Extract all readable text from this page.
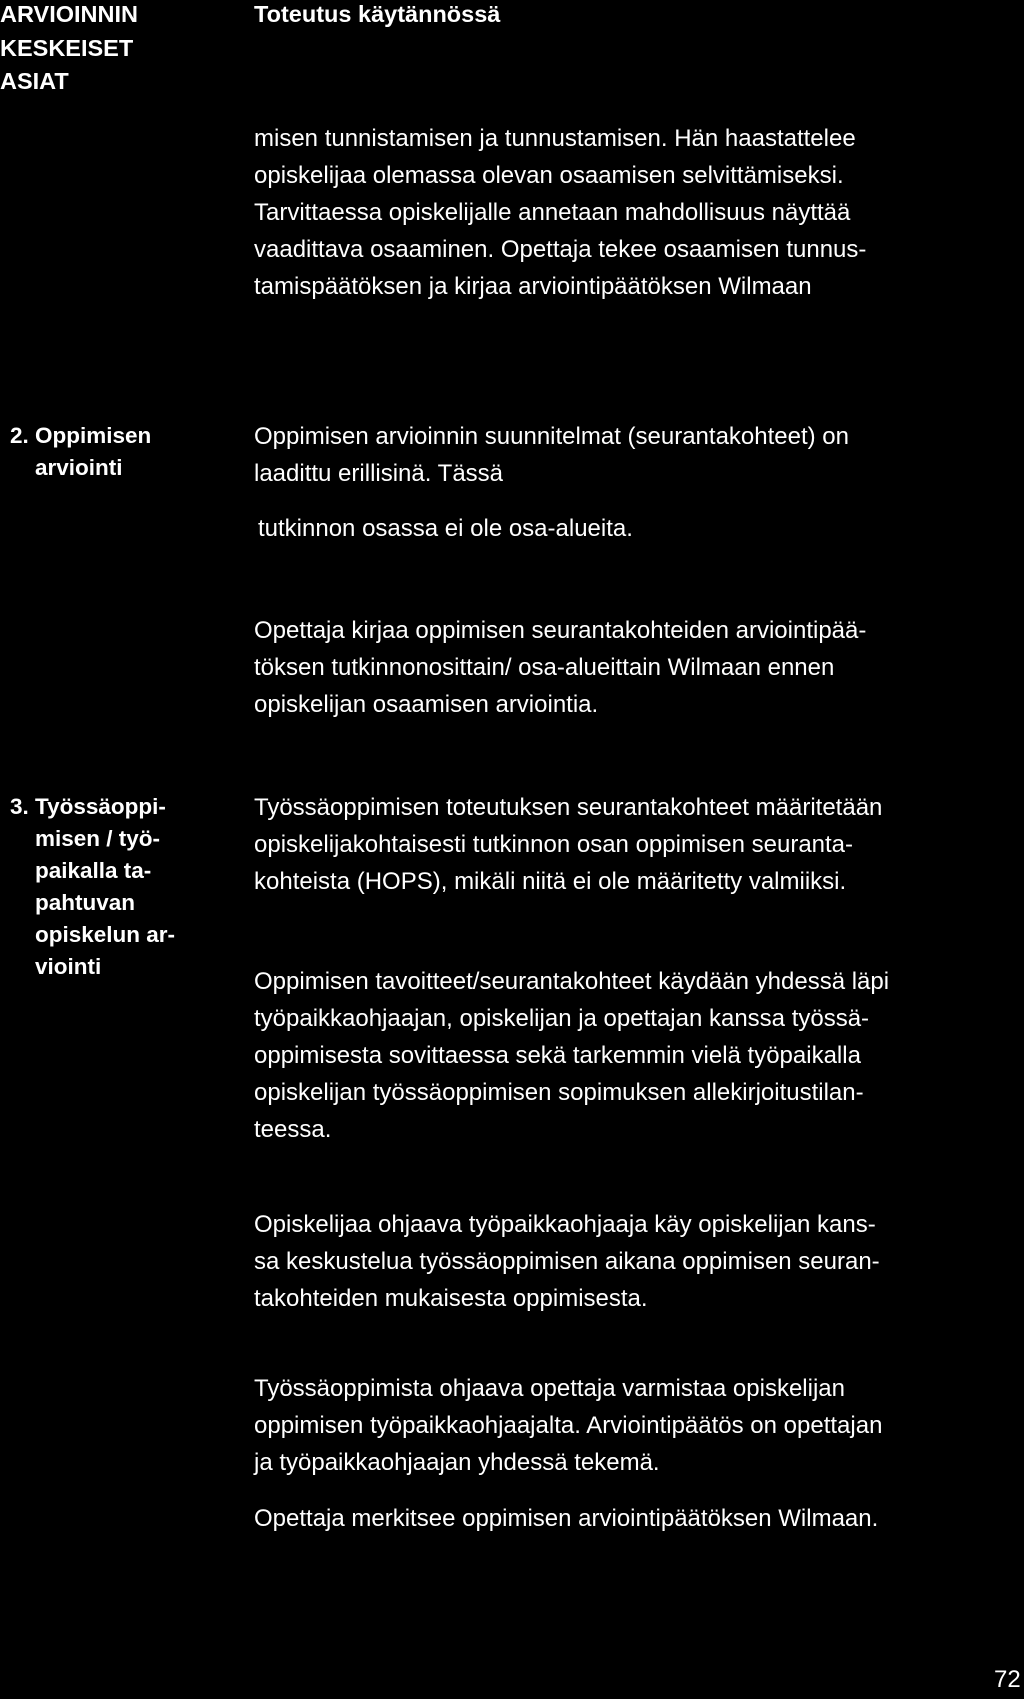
ARVIOINNIN
KESKEISET
ASIAT
Toteutus käytännössä
misen tunnistamisen ja tunnustamisen. Hän haastattelee
opiskelijaa olemassa olevan osaamisen selvittämiseksi.
Tarvittaessa opiskelijalle annetaan mahdollisuus näyttää
vaadittava osaaminen. Opettaja tekee osaamisen tunnus-
tamispäätöksen ja kirjaa arviointipäätöksen Wilmaan
2. Oppimisen
arviointi
Oppimisen arvioinnin suunnitelmat (seurantakohteet) on
laadittu erillisinä. Tässä
tutkinnon osassa ei ole osa-alueita.
Opettaja kirjaa oppimisen seurantakohteiden arviointipää-
töksen tutkinnonosittain/ osa-alueittain Wilmaan ennen
opiskelijan osaamisen arviointia.
3. Työssäoppi-
misen / työ-
paikalla ta-
pahtuvan
opiskelun ar-
viointi
Työssäoppimisen toteutuksen seurantakohteet määritetään
opiskelijakohtaisesti tutkinnon osan oppimisen seuranta-
kohteista (HOPS), mikäli niitä ei ole määritetty valmiiksi.
Oppimisen tavoitteet/seurantakohteet käydään yhdessä läpi
työpaikkaohjaajan, opiskelijan ja opettajan kanssa työssä-
oppimisesta sovittaessa sekä tarkemmin vielä työpaikalla
opiskelijan työssäoppimisen sopimuksen allekirjoitustilan-
teessa.
Opiskelijaa ohjaava työpaikkaohjaaja käy opiskelijan kans-
sa keskustelua työssäoppimisen aikana oppimisen seuran-
takohteiden mukaisesta oppimisesta.
Työssäoppimista ohjaava opettaja varmistaa opiskelijan
oppimisen työpaikkaohjaajalta. Arviointipäätös on opettajan
ja työpaikkaohjaajan yhdessä tekemä.
Opettaja merkitsee oppimisen arviointipäätöksen Wilmaan.
72
